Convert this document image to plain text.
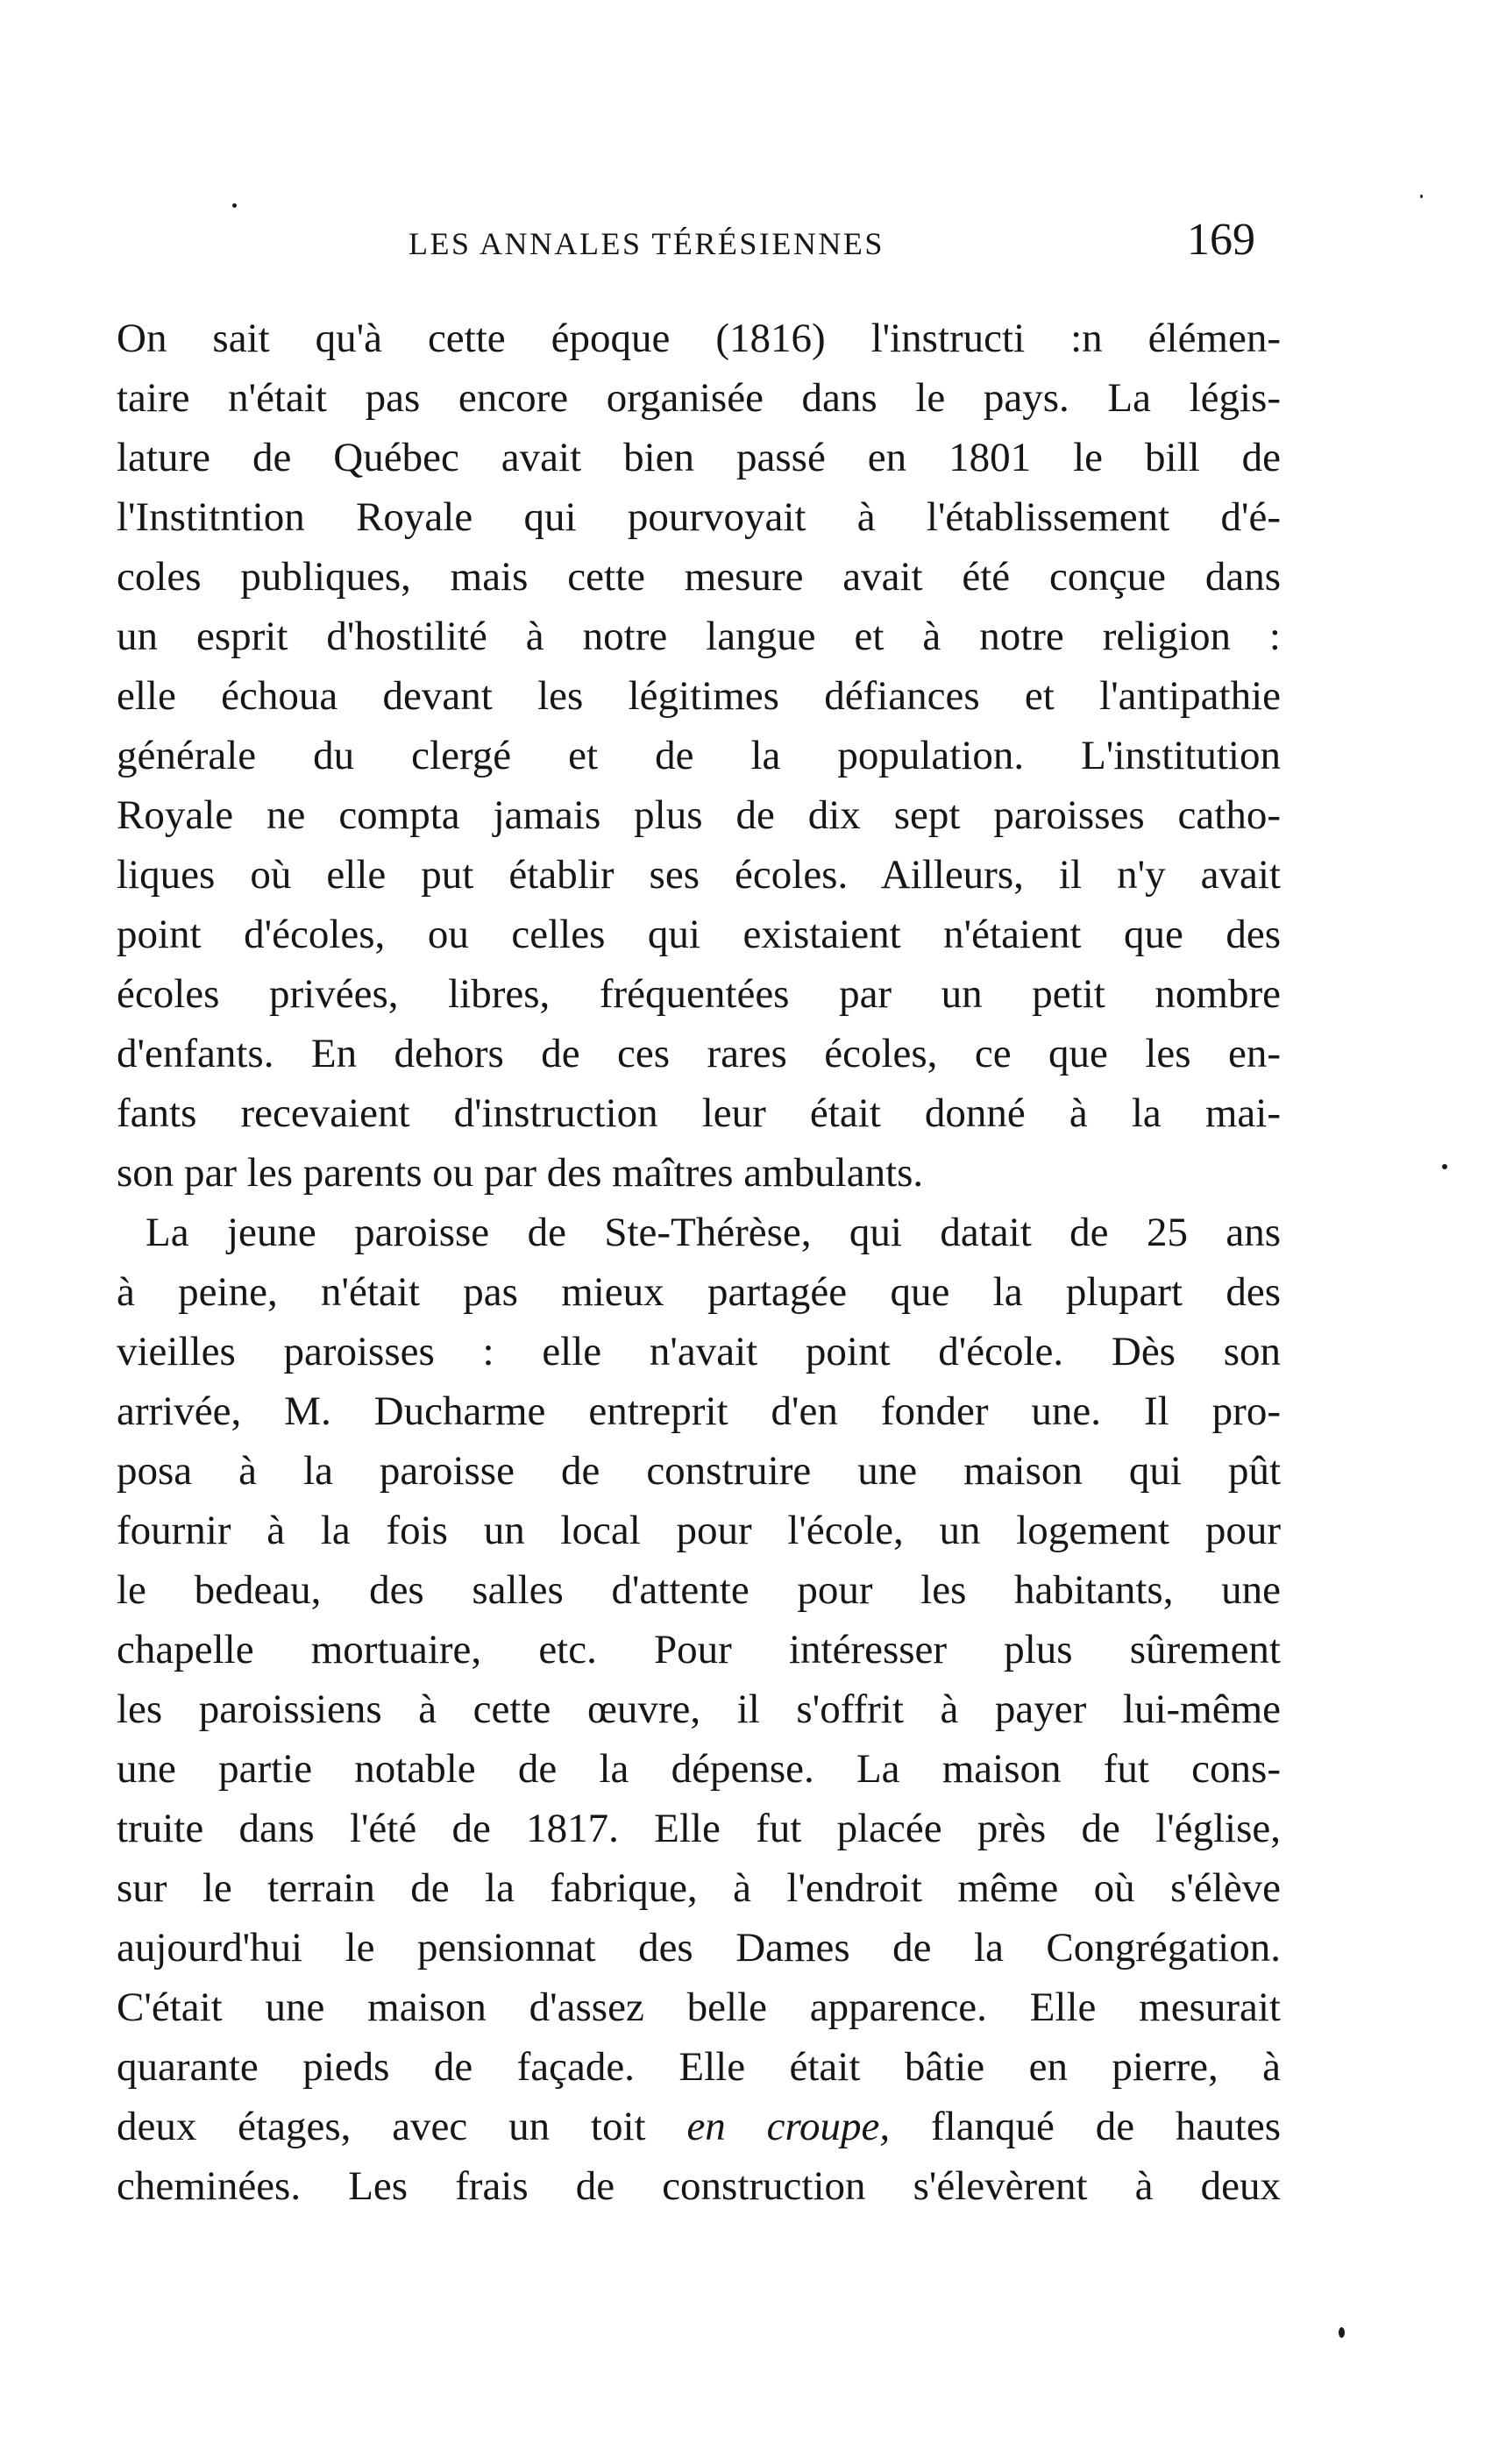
LES ANNALES TÉRÉSIENNES	169
On sait qu'à cette époque (1816) l'instructi :n élémen-
taire n'était pas encore organisée dans le pays. La légis-
lature de Québec avait bien passé en 1801 le bill de
l'Institntion Royale qui pourvoyait à l'établissement d'é-
coles publiques, mais cette mesure avait été conçue dans
un esprit d'hostilité à notre langue et à notre religion :
elle échoua devant les légitimes défiances et l'antipathie
générale du clergé et de la population. L'institution
Royale ne compta jamais plus de dix sept paroisses catho-
liques où elle put établir ses écoles. Ailleurs, il n'y avait
point d'écoles, ou celles qui existaient n'étaient que des
écoles privées, libres, fréquentées par un petit nombre
d'enfants. En dehors de ces rares écoles, ce que les en-
fants recevaient d'instruction leur était donné à la mai-
son par les parents ou par des maîtres ambulants.
La jeune paroisse de Ste-Thérèse, qui datait de 25 ans
à peine, n'était pas mieux partagée que la plupart des
vieilles paroisses : elle n'avait point d'école. Dès son
arrivée, M. Ducharme entreprit d'en fonder une. Il pro-
posa à la paroisse de construire une maison qui pût
fournir à la fois un local pour l'école, un logement pour
le bedeau, des salles d'attente pour les habitants, une
chapelle mortuaire, etc. Pour intéresser plus sûrement
les paroissiens à cette œuvre, il s'offrit à payer lui-même
une partie notable de la dépense. La maison fut cons-
truite dans l'été de 1817. Elle fut placée près de l'église,
sur le terrain de la fabrique, à l'endroit même où s'élève
aujourd'hui le pensionnat des Dames de la Congrégation.
C'était une maison d'assez belle apparence. Elle mesurait
quarante pieds de façade. Elle était bâtie en pierre, à
deux étages, avec un toit en croupe, flanqué de hautes
cheminées. Les frais de construction s'élevèrent à deux
